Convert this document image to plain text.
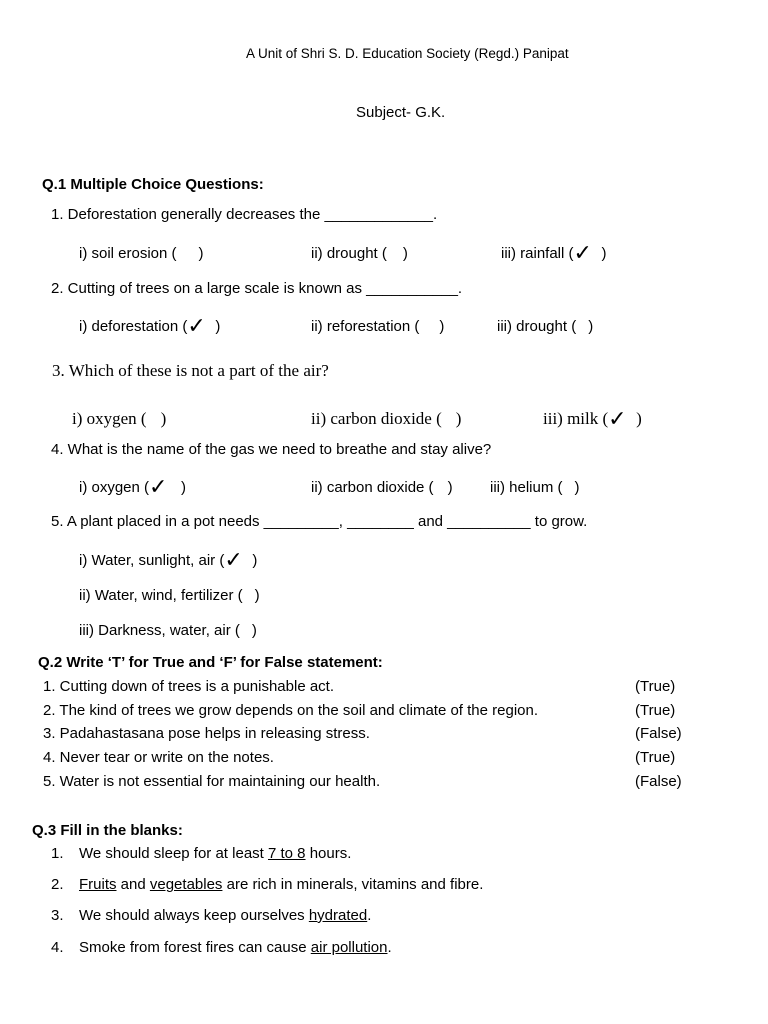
A Unit of Shri S. D. Education Society (Regd.) Panipat
Subject- G.K.
Q.1 Multiple Choice Questions:
1. Deforestation generally decreases the _____________.
i) soil erosion ( )	ii) drought ( )	iii) rainfall (✓ )
2. Cutting of trees on a large scale is known as ___________.
i) deforestation (✓ )	ii) reforestation ( )	iii) drought ( )
3. Which of these is not a part of the air?
i) oxygen ( )	ii) carbon dioxide ( )	iii) milk (✓ )
4. What is the name of the gas we need to breathe and stay alive?
i) oxygen (✓ )	ii) carbon dioxide ( ) iii) helium ( )
5. A plant placed in a pot needs _________, ________ and __________ to grow.
i) Water, sunlight, air (✓ )
ii) Water, wind, fertilizer ( )
iii) Darkness, water, air ( )
Q.2 Write ‘T’ for True and ‘F’ for False statement:
1. Cutting down of trees is a punishable act.	(True)
2. The kind of trees we grow depends on the soil and climate of the region.	(True)
3. Padahastasana pose helps in releasing stress.	(False)
4. Never tear or write on the notes.	(True)
5. Water is not essential for maintaining our health.	(False)
Q.3 Fill in the blanks:
1. We should sleep for at least 7 to 8 hours.
2. Fruits and vegetables are rich in minerals, vitamins and fibre.
3. We should always keep ourselves hydrated.
4. Smoke from forest fires can cause air pollution.
